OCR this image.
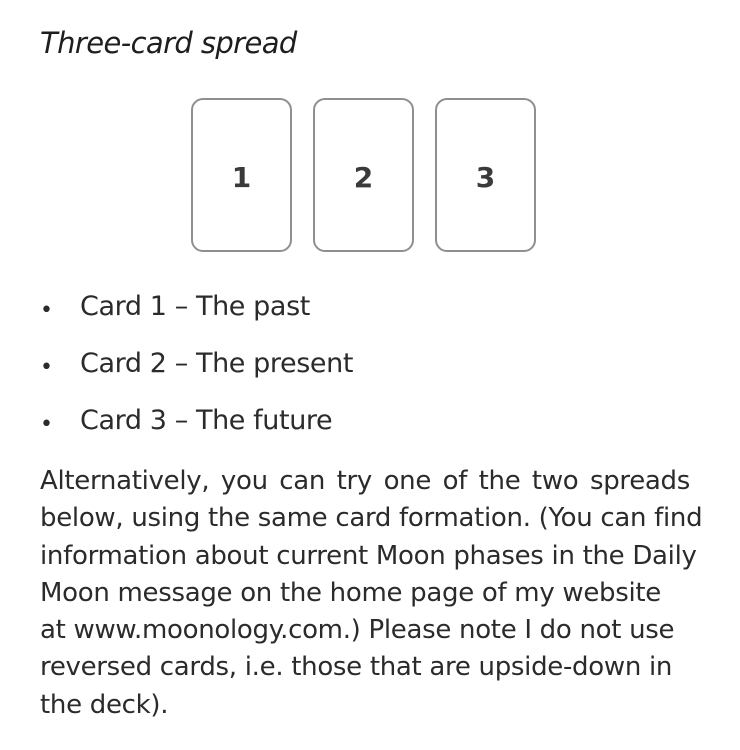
Three-card spread
1	2	3
• Card 1 – The past
• Card 2 – The present
• Card 3 – The future
Alternatively, you can try one of the two spreads
below, using the same card formation. (You can find
information about current Moon phases in the Daily
Moon message on the home page of my website
at www.moonology.com.) Please note I do not use
reversed cards, i.e. those that are upside-down in
the deck).
